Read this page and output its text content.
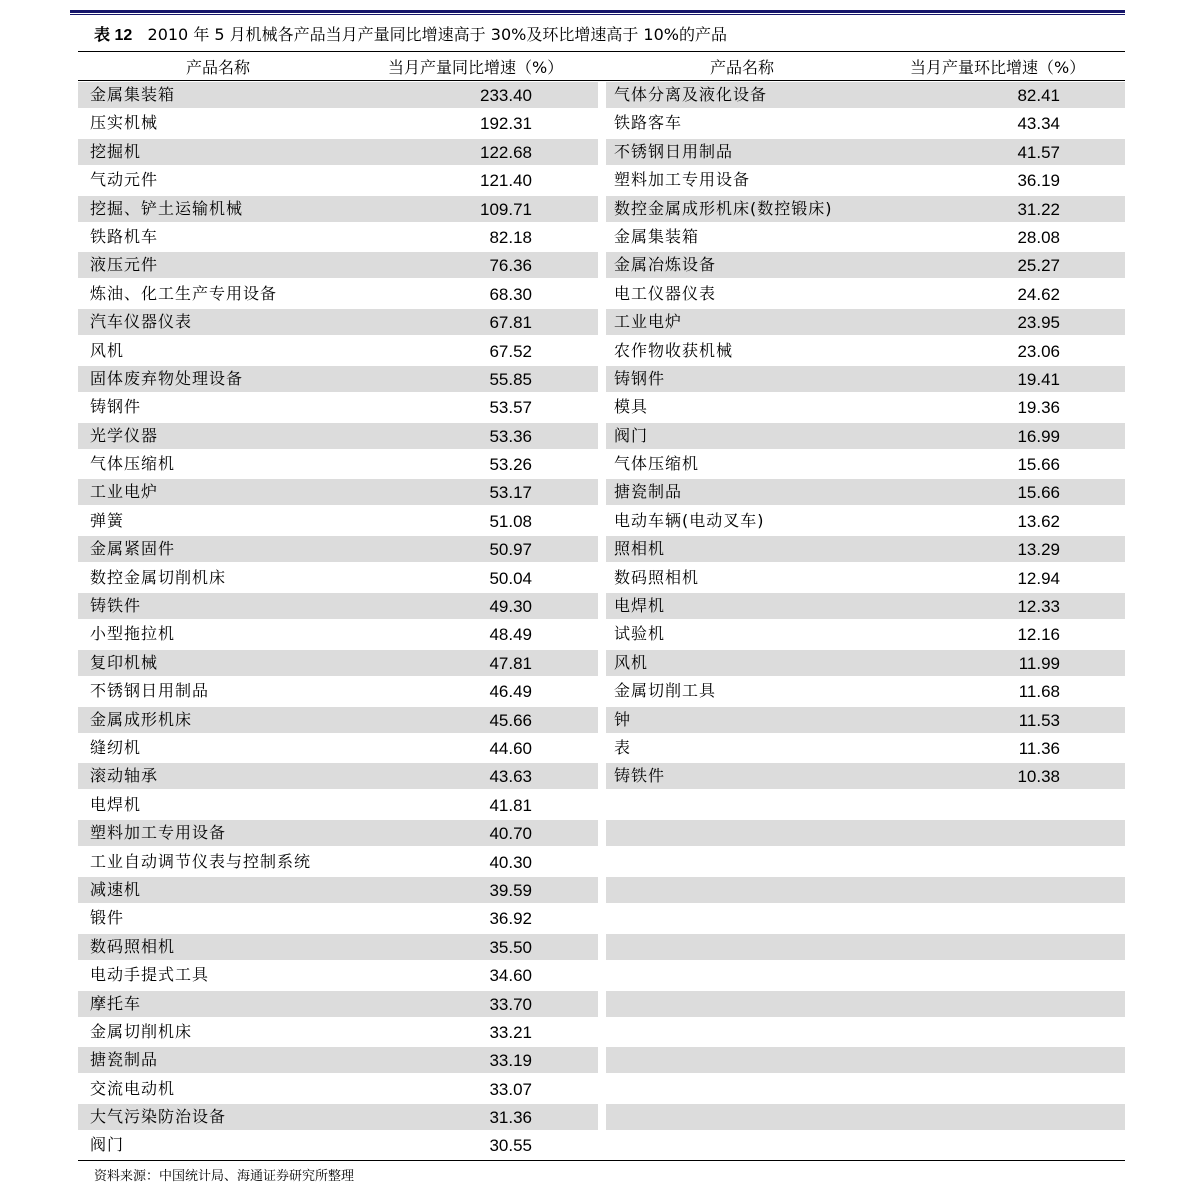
表 12 2010 年 5 月机械各产品当月产量同比增速高于 30%及环比增速高于 10%的产品
产品名称	当月产量同比增速（%）	产品名称	当月产量环比增速（%）
金属集装箱	233.40	气体分离及液化设备	82.41
压实机械	192.31	铁路客车	43.34
挖掘机	122.68	不锈钢日用制品	41.57
气动元件	121.40	塑料加工专用设备	36.19
挖掘、铲土运输机械	109.71	数控金属成形机床(数控锻床)	31.22
铁路机车	82.18	金属集装箱	28.08
液压元件	76.36	金属冶炼设备	25.27
炼油、化工生产专用设备	68.30	电工仪器仪表	24.62
汽车仪器仪表	67.81	工业电炉	23.95
风机	67.52	农作物收获机械	23.06
固体废弃物处理设备	55.85	铸钢件	19.41
铸钢件	53.57	模具	19.36
光学仪器	53.36	阀门	16.99
气体压缩机	53.26	气体压缩机	15.66
工业电炉	53.17	搪瓷制品	15.66
弹簧	51.08	电动车辆(电动叉车)	13.62
金属紧固件	50.97	照相机	13.29
数控金属切削机床	50.04	数码照相机	12.94
铸铁件	49.30	电焊机	12.33
小型拖拉机	48.49	试验机	12.16
复印机械	47.81	风机	11.99
不锈钢日用制品	46.49	金属切削工具	11.68
金属成形机床	45.66	钟	11.53
缝纫机	44.60	表	11.36
滚动轴承	43.63	铸铁件	10.38
电焊机	41.81
塑料加工专用设备	40.70
工业自动调节仪表与控制系统	40.30
减速机	39.59
锻件	36.92
数码照相机	35.50
电动手提式工具	34.60
摩托车	33.70
金属切削机床	33.21
搪瓷制品	33.19
交流电动机	33.07
大气污染防治设备	31.36
阀门	30.55
资料来源：中国统计局、海通证券研究所整理
